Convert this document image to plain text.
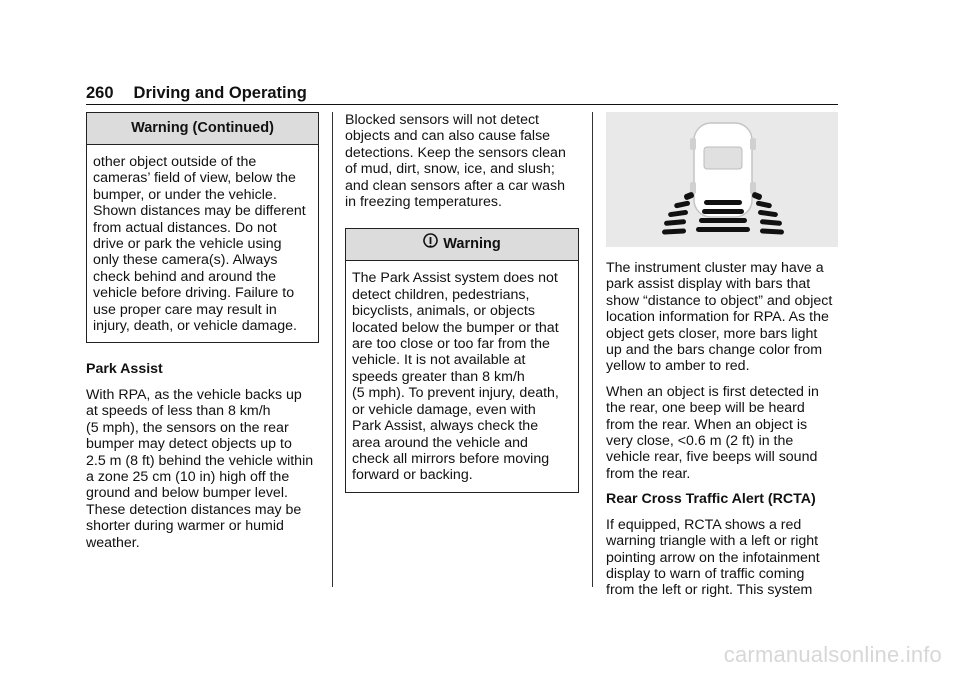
260 Driving and Operating
Warning (Continued)
other object outside of the
cameras’ field of view, below the
bumper, or under the vehicle.
Shown distances may be different
from actual distances. Do not
drive or park the vehicle using
only these camera(s). Always
check behind and around the
vehicle before driving. Failure to
use proper care may result in
injury, death, or vehicle damage.

Park Assist

With RPA, as the vehicle backs up
at speeds of less than 8 km/h
(5 mph), the sensors on the rear
bumper may detect objects up to
2.5 m (8 ft) behind the vehicle within
a zone 25 cm (10 in) high off the
ground and below bumper level.
These detection distances may be
shorter during warmer or humid
weather.
Blocked sensors will not detect
objects and can also cause false
detections. Keep the sensors clean
of mud, dirt, snow, ice, and slush;
and clean sensors after a car wash
in freezing temperatures.
Warning
The Park Assist system does not
detect children, pedestrians,
bicyclists, animals, or objects
located below the bumper or that
are too close or too far from the
vehicle. It is not available at
speeds greater than 8 km/h
(5 mph). To prevent injury, death,
or vehicle damage, even with
Park Assist, always check the
area around the vehicle and
check all mirrors before moving
forward or backing.
The instrument cluster may have a
park assist display with bars that
show “distance to object” and object
location information for RPA. As the
object gets closer, more bars light
up and the bars change color from
yellow to amber to red.
When an object is first detected in
the rear, one beep will be heard
from the rear. When an object is
very close, <0.6 m (2 ft) in the
vehicle rear, five beeps will sound
from the rear.

Rear Cross Traffic Alert (RCTA)

If equipped, RCTA shows a red
warning triangle with a left or right
pointing arrow on the infotainment
display to warn of traffic coming
from the left or right. This system
carmanualsonline.info
